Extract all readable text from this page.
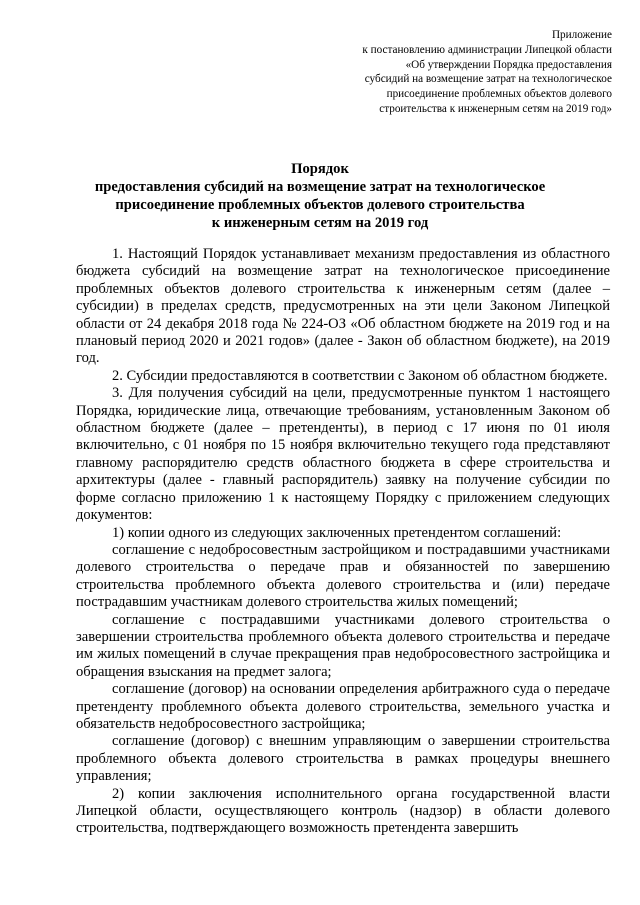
Приложение
к постановлению администрации Липецкой области
«Об утверждении Порядка предоставления
субсидий на возмещение затрат на технологическое
присоединение проблемных объектов долевого
строительства к инженерным сетям на 2019 год»
Порядок
предоставления субсидий на возмещение затрат на технологическое
присоединение проблемных объектов долевого строительства
к инженерным сетям на 2019 год

1. Настоящий Порядок устанавливает механизм предоставления из областного бюджета субсидий на возмещение затрат на технологическое присоединение проблемных объектов долевого строительства к инженерным сетям (далее – субсидии) в пределах средств, предусмотренных на эти цели Законом Липецкой области от 24 декабря 2018 года № 224-ОЗ «Об областном бюджете на 2019 год и на плановый период 2020 и 2021 годов» (далее - Закон об областном бюджете), на 2019 год.

2. Субсидии предоставляются в соответствии с Законом об областном бюджете.

3. Для получения субсидий на цели, предусмотренные пунктом 1 настоящего Порядка, юридические лица, отвечающие требованиям, установленным Законом об областном бюджете (далее – претенденты), в период с 17 июня по 01 июля включительно, с 01 ноября по 15 ноября включительно текущего года представляют главному распорядителю средств областного бюджета в сфере строительства и архитектуры (далее - главный распорядитель) заявку на получение субсидии по форме согласно приложению 1 к настоящему Порядку с приложением следующих документов:

1) копии одного из следующих заключенных претендентом соглашений:

соглашение с недобросовестным застройщиком и пострадавшими участниками долевого строительства о передаче прав и обязанностей по завершению строительства проблемного объекта долевого строительства и (или) передаче пострадавшим участникам долевого строительства жилых помещений;

соглашение с пострадавшими участниками долевого строительства о завершении строительства проблемного объекта долевого строительства и передаче им жилых помещений в случае прекращения прав недобросовестного застройщика и обращения взыскания на предмет залога;

соглашение (договор) на основании определения арбитражного суда о передаче претенденту проблемного объекта долевого строительства, земельного участка и обязательств недобросовестного застройщика;

соглашение (договор) с внешним управляющим о завершении строительства проблемного объекта долевого строительства в рамках процедуры внешнего управления;

2) копии заключения исполнительного органа государственной власти Липецкой области, осуществляющего контроль (надзор) в области долевого строительства, подтверждающего возможность претендента завершить
